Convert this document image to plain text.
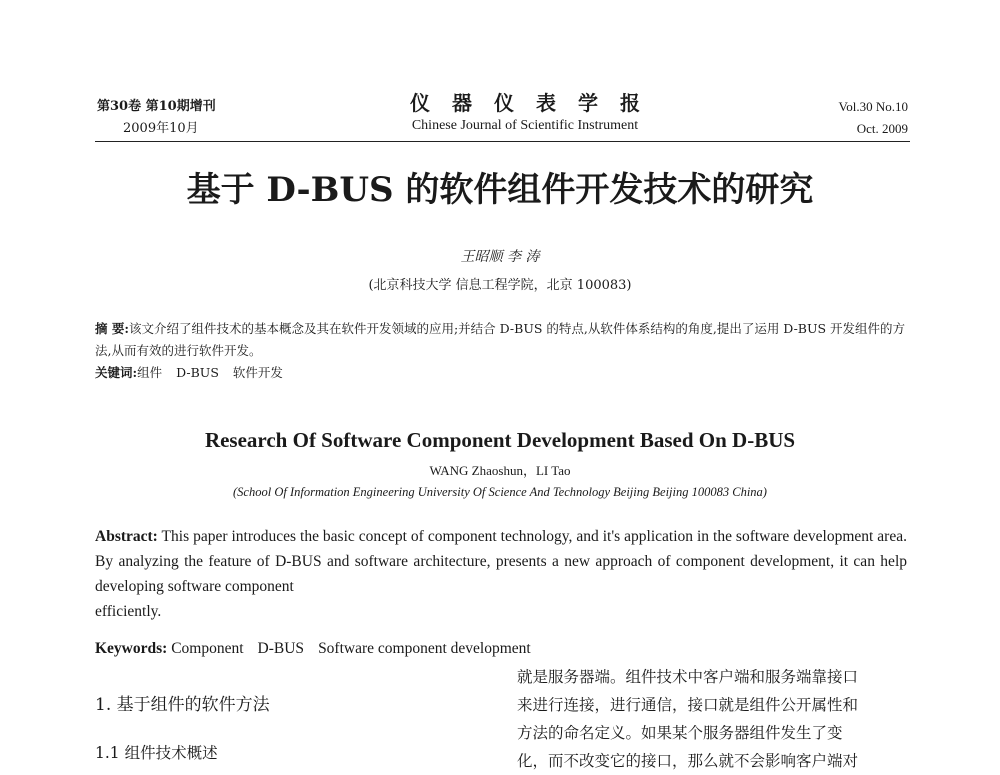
第30卷 第10期增刊
2009年10月
仪器仪表学报
Chinese Journal of Scientific Instrument
Vol.30 No.10
Oct. 2009
基于 D-BUS 的软件组件开发技术的研究
王昭顺 李 涛
(北京科技大学 信息工程学院，北京 100083)
摘 要:该文介绍了组件技术的基本概念及其在软件开发领域的应用;并结合 D-BUS 的特点,从软件体系结构的角度,提出了运用 D-BUS 开发组件的方法,从而有效的进行软件开发。
关键词:组件 D-BUS 软件开发
Research Of Software Component Development Based On D-BUS
WANG Zhaoshun，LI Tao
(School Of Information Engineering University Of Science And Technology Beijing Beijing 100083 China)

Abstract: This paper introduces the basic concept of component technology, and it's application in the software development area. By analyzing the feature of D-BUS and software architecture, presents a new approach of component development, it can help developing software component

efficiently.

Keywords: Component D-BUS Software component development
1. 基于组件的软件方法
1.1 组件技术概述
就是服务器端。组件技术中客户端和服务端靠接口
来进行连接，进行通信，接口就是组件公开属性和
方法的命名定义。如果某个服务器组件发生了变
化，而不改变它的接口，那么就不会影响客户端对
